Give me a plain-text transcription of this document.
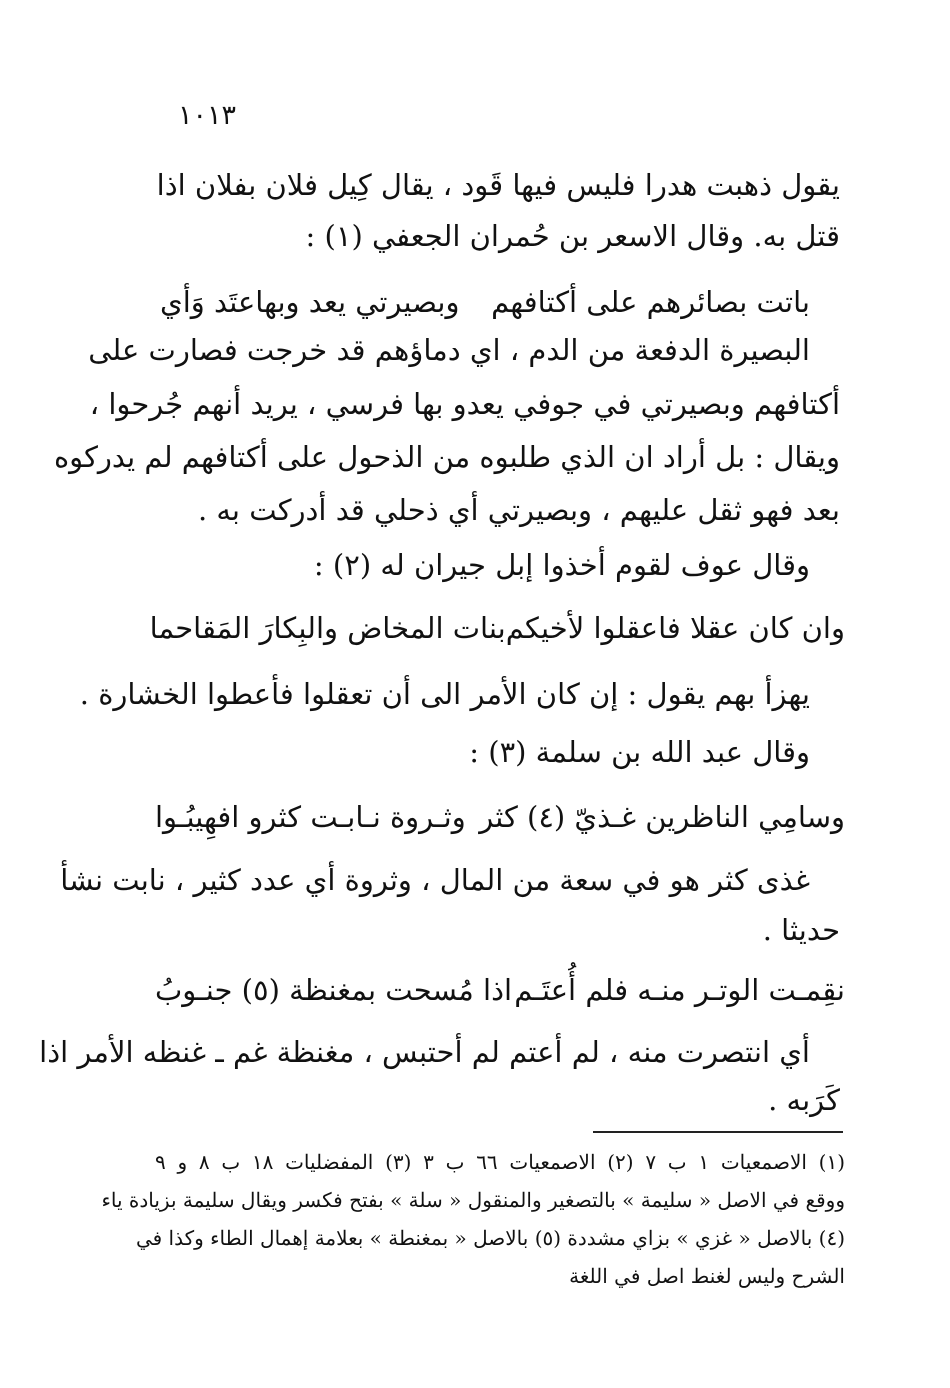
١٠١٣
يقول ذهبت هدرا فليس فيها قَود ، يقال كِيل فلان بفلان اذا
قتل به. وقال الاسعر بن حُمران الجعفي (١) :
باتت بصائرهم على أكتافهم
وبصيرتي يعد وبهاعتَد وَأي
البصيرة الدفعة من الدم ، اي دماؤهم قد خرجت فصارت على
أكتافهم وبصيرتي في جوفي يعدو بها فرسي ، يريد أنهم جُرحوا ،
ويقال : بل أراد ان الذي طلبوه من الذحول على أكتافهم لم يدركوه
بعد فهو ثقل عليهم ، وبصيرتي أي ذحلي قد أدركت به .
وقال عوف لقوم أخذوا إبل جيران له (٢) :
وان كان عقلا فاعقلوا لأخيكم
بنات المخاض والبِكارَ المَقاحما
يهزأ بهم يقول : إن كان الأمر الى أن تعقلوا فأعطوا الخشارة .
وقال عبد الله بن سلمة (٣) :
وسامِي الناظرين غـذيّ (٤) كثر
وثـروة نـابـت كثرو افهِيبُـوا
غذى كثر هو في سعة من المال ، وثروة أي عدد كثير ، نابت نشأ
حديثا .
نقِمـت الوتـر منـه فلم أُعتَـم
اذا مُسحت بمغنظة (٥) جنـوبُ
أي انتصرت منه ، لم أعتم لم أحتبس ، مغنظة غم ـ غنظه الأمر اذا
كَرَبه .
(١) الاصمعيات ١ ب ٧ (٢) الاصمعيات ٦٦ ب ٣ (٣) المفضليات ١٨ ب ٨ و ٩
ووقع في الاصل « سليمة » بالتصغير والمنقول « سلة » بفتح فكسر ويقال سليمة بزيادة ياء
(٤) بالاصل « غزي » بزاي مشددة (٥) بالاصل « بمغنطة » بعلامة إهمال الطاء وكذا في
الشرح وليس لغنط اصل في اللغة
